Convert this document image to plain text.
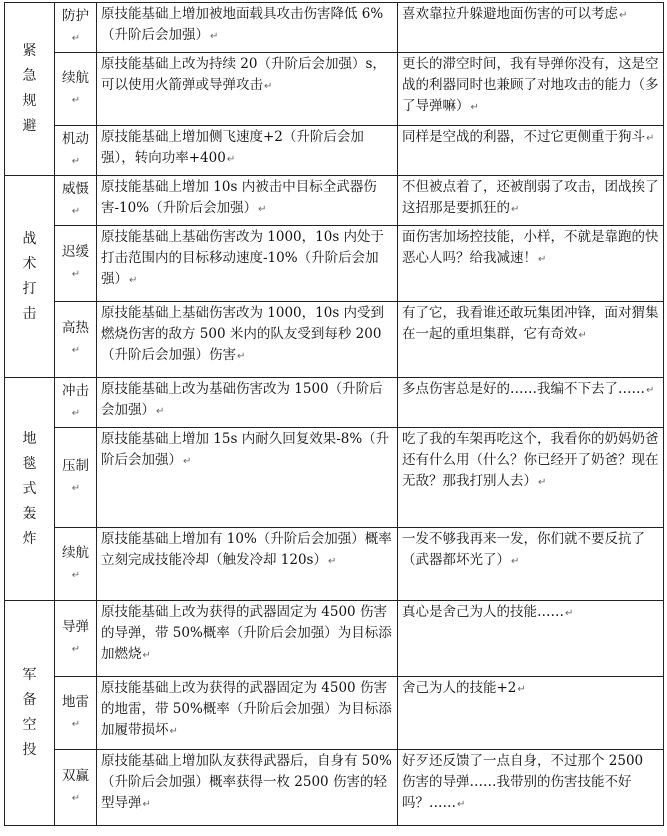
紧急规避	防护↵	原技能基础上增加被地面载具攻击伤害降低 6%（升阶后会加强）↵	喜欢靠拉升躲避地面伤害的可以考虑↵
	续航↵	原技能基础上改为持续 20（升阶后会加强）s，可以使用火箭弹或导弹攻击↵	更长的滞空时间，我有导弹你没有，这是空战的利器同时也兼顾了对地攻击的能力（多了导弹嘛）↵
	机动↵	原技能基础上增加侧飞速度+2（升阶后会加强），转向功率+400↵	同样是空战的利器，不过它更侧重于狗斗↵
战术打击	威慑↵	原技能基础上增加 10s 内被击中目标全武器伤害-10%（升阶后会加强）↵	不但被点着了，还被削弱了攻击，团战挨了这招那是要抓狂的↵
	迟缓↵	原技能基础上基础伤害改为 1000，10s 内处于打击范围内的目标移动速度-10%（升阶后会加强）↵	面伤害加场控技能，小样，不就是靠跑的快恶心人吗？给我减速！↵
	高热↵	原技能基础上基础伤害改为 1000，10s 内受到燃烧伤害的敌方 500 米内的队友受到每秒 200（升阶后会加强）伤害↵	有了它，我看谁还敢玩集团冲锋，面对猬集在一起的重坦集群，它有奇效↵
地毯式轰炸	冲击↵	原技能基础上改为基础伤害改为 1500（升阶后会加强）↵	多点伤害总是好的……我编不下去了……↵
	压制↵	原技能基础上增加 15s 内耐久回复效果-8%（升阶后会加强）↵	吃了我的车架再吃这个，我看你的奶妈奶爸还有什么用（什么？你已经开了奶爸？现在无敌？那我打别人去）↵
	续航↵	原技能基础上增加有 10%（升阶后会加强）概率立刻完成技能冷却（触发冷却 120s）↵	一发不够我再来一发，你们就不要反抗了（武器都坏光了）↵
军备空投	导弹↵	原技能基础上改为获得的武器固定为 4500 伤害的导弹，带 50%概率（升阶后会加强）为目标添加燃烧↵	真心是舍己为人的技能……↵
	地雷↵	原技能基础上改为获得的武器固定为 4500 伤害的地雷，带 50%概率（升阶后会加强）为目标添加履带损坏↵	舍己为人的技能+2↵
	双赢↵	原技能基础上增加队友获得武器后，自身有 50%（升阶后会加强）概率获得一枚 2500 伤害的轻型导弹↵	好歹还反馈了一点自身，不过那个 2500 伤害的导弹……我带别的伤害技能不好吗？……↵
